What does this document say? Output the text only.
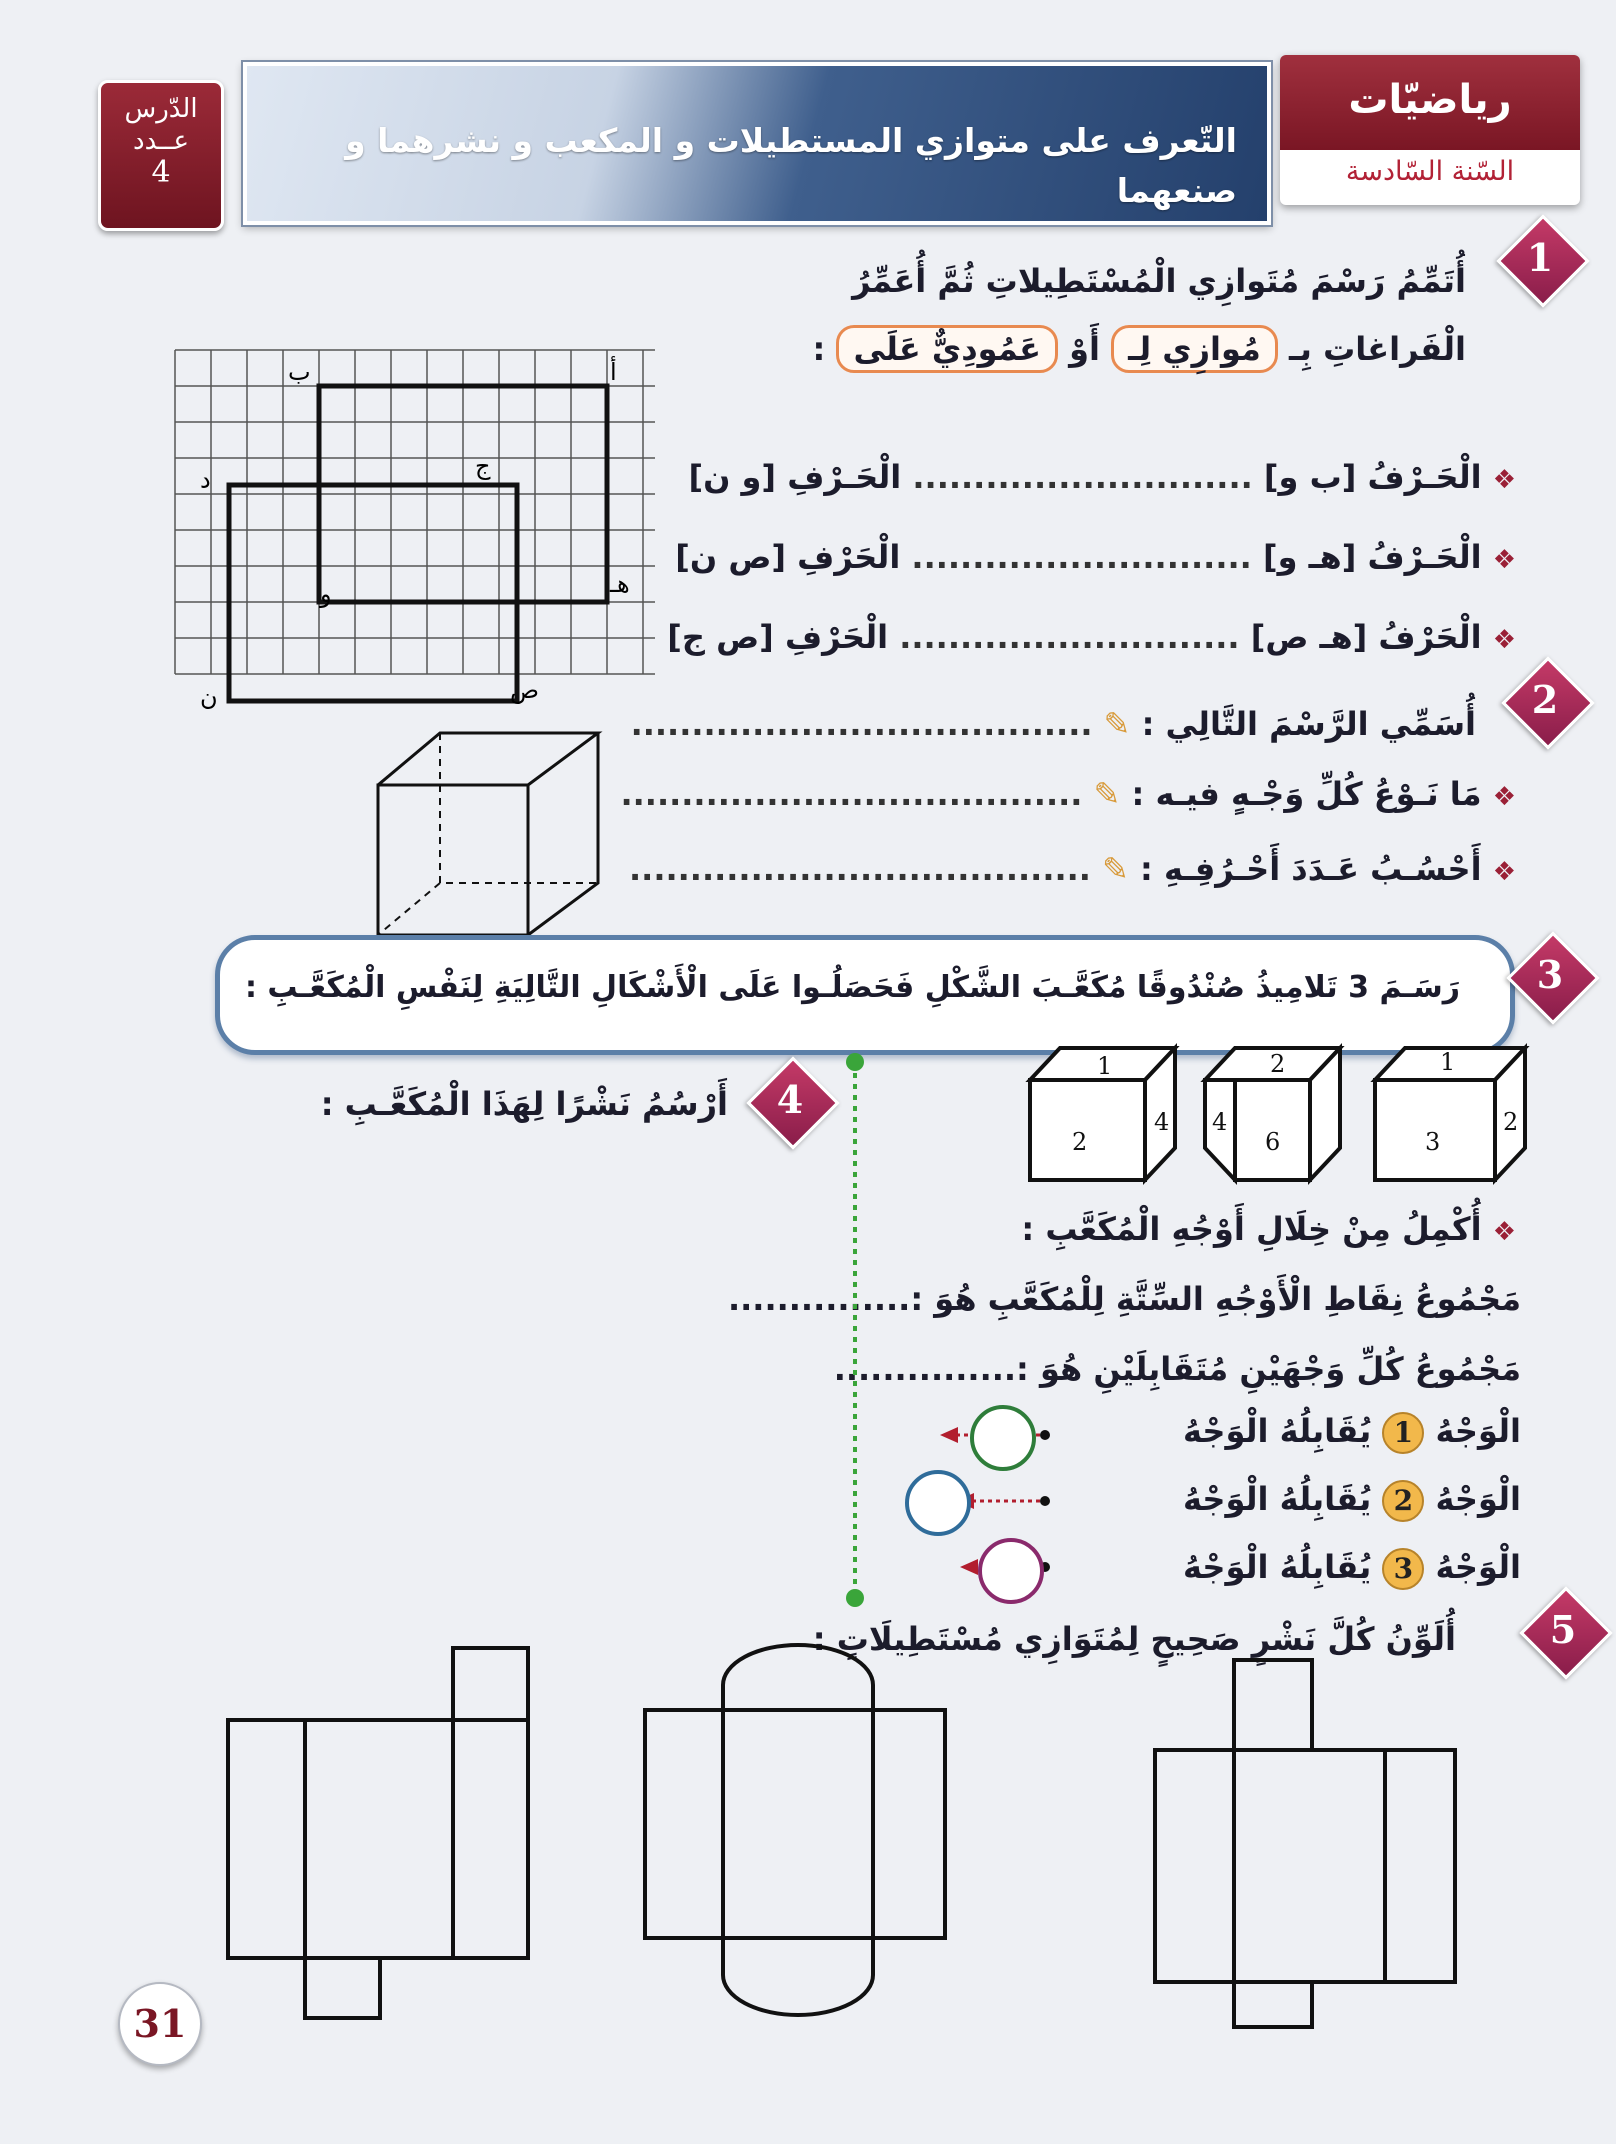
رياضيّات
السّنة السّادسة
التّعرف على متوازي المستطيلات و المكعب و نشرهما و صنعهما
الدّرس
عــدد
4
1
أُتَمِّمُ رَسْمَ مُتَوازِي الْمُسْتَطِيلاتِ ثُمَّ أُعَمِّرُ
الْفَراغاتِ بِـ مُوازِي لِـ أَوْ عَمُودِيٌّ عَلَى :
❖ الْحَـرْفُ [ب و] ............................ الْحَـرْفِ [و ن]
❖ الْحَـرْفُ [هـ و] ............................ الْحَرْفِ [ص ن]
❖ الْحَرْفُ [هـ ص] ............................ الْحَرْفِ [ص ج]
ب	أ
ج
د
و	هـ
ص
ن	2
أُسَمِّي الرَّسْمَ التَّالِي : ✎ ......................................
❖ مَا نَـوْعُ كُلِّ وَجْـهٍ فيـه : ✎ ......................................
❖ أَحْسُـبُ عَـدَدَ أَحْـرُفِـهِ : ✎ ......................................
رَسَـمَ 3 تَلامِيذُ صُنْدُوقًا مُكَعَّـبَ الشَّكْلِ فَحَصَلُـوا عَلَى الْأَشْكَالِ التَّالِيَةِ لِنَفْسِ الْمُكَعَّـبِ :	3
1
2
4
2
4
6
1
3
2
❖ أُكْمِلُ مِنْ خِلَالِ أَوْجُهِ الْمُكَعَّبِ :
مَجْمُوعُ نِقَاطِ الْأَوْجُهِ السِّتَّةِ لِلْمُكَعَّبِ هُوَ :...............
مَجْمُوعُ كُلِّ وَجْهَيْنِ مُتَقَابِلَيْنِ هُوَ :...............
الْوَجْهُ 1 يُقَابِلُهُ الْوَجْهُ
الْوَجْهُ 2 يُقَابِلُهُ الْوَجْهُ
الْوَجْهُ 3 يُقَابِلُهُ الْوَجْهُ
4
أَرْسُمُ نَشْرًا لِهَذَا الْمُكَعَّـبِ :
5
أُلَوِّنُ كُلَّ نَشْرٍ صَحِيحٍ لِمُتَوَازِي مُسْتَطِيلَاتٍ :
31
